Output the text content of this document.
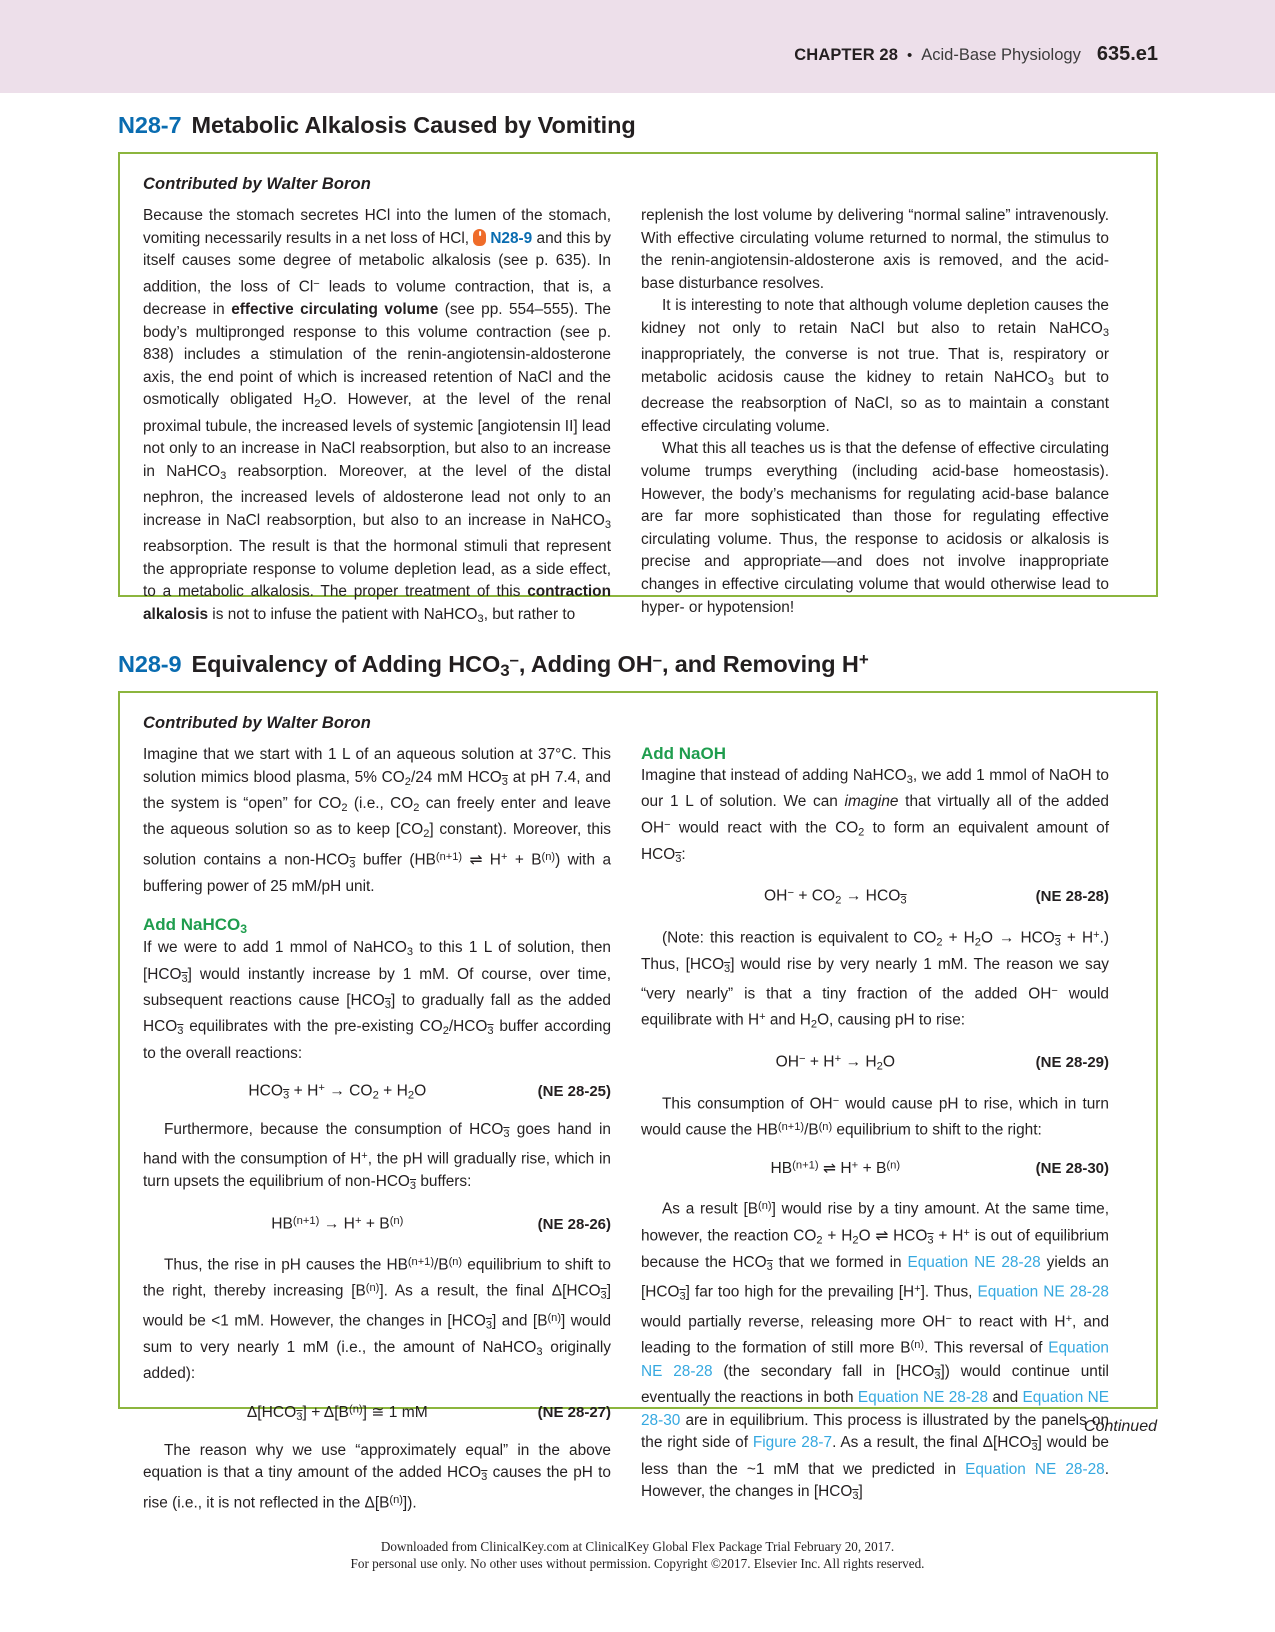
CHAPTER 28 • Acid-Base Physiology 635.e1
N28-7 Metabolic Alkalosis Caused by Vomiting
Contributed by Walter Boron

Because the stomach secretes HCl into the lumen of the stomach, vomiting necessarily results in a net loss of HCl, N28-9 and this by itself causes some degree of metabolic alkalosis (see p. 635). In addition, the loss of Cl− leads to volume contraction, that is, a decrease in effective circulating volume (see pp. 554–555). The body’s multipronged response to this volume contraction (see p. 838) includes a stimulation of the renin-angiotensin-aldosterone axis, the end point of which is increased retention of NaCl and the osmotically obligated $H_2O$. However, at the level of the renal proximal tubule, the increased levels of systemic [angiotensin II] lead not only to an increase in NaCl reabsorption, but also to an increase in NaHCO$_3$ reabsorption. Moreover, at the level of the distal nephron, the increased levels of aldosterone lead not only to an increase in NaCl reabsorption, but also to an increase in NaHCO$_3$ reabsorption. The result is that the hormonal stimuli that represent the appropriate response to volume depletion lead, as a side effect, to a metabolic alkalosis. The proper treatment of this contraction alkalosis is not to infuse the patient with NaHCO$_3$, but rather to

replenish the lost volume by delivering “normal saline” intravenously. With effective circulating volume returned to normal, the stimulus to the renin-angiotensin-aldosterone axis is removed, and the acid-base disturbance resolves.

It is interesting to note that although volume depletion causes the kidney not only to retain NaCl but also to retain NaHCO$_3$ inappropriately, the converse is not true. That is, respiratory or metabolic acidosis cause the kidney to retain NaHCO$_3$ but to decrease the reabsorption of NaCl, so as to maintain a constant effective circulating volume.

What this all teaches us is that the defense of effective circulating volume trumps everything (including acid-base homeostasis). However, the body’s mechanisms for regulating acid-base balance are far more sophisticated than those for regulating effective circulating volume. Thus, the response to acidosis or alkalosis is precise and appropriate—and does not involve inappropriate changes in effective circulating volume that would otherwise lead to hyper- or hypotension!

N28-9 Equivalency of Adding $HCO_3^-$, Adding OH–, and Removing H+
Contributed by Walter Boron

Imagine that we start with 1 L of an aqueous solution at 37°C. This solution mimics blood plasma, 5% $CO_2/24$ mM $HCO_3$ at pH 7.4, and the system is “open” for $CO_2$ (i.e., $CO_2$ can freely enter and leave the aqueous solution so as to keep $[CO_2]$ constant). Moreover, this solution contains a non-$HCO_3$ buffer ($HB^{(n+1)}$ ⇌ $H^+ + B^{(n)}$) with a buffering power of 25 mM/pH unit.

Add NaHCO$_3$

If we were to add 1 mmol of NaHCO$_3$ to this 1 L of solution, then $[HCO_3]$ would instantly increase by 1 mM. Of course, over time, subsequent reactions cause $[HCO_3]$ to gradually fall as the added $HCO_3$ equilibrates with the pre-existing $CO_2/HCO_3$ buffer according to the overall reactions:

$HCO_3 + H^+ \to CO_2 + H_2O$	(NE 28-25)

Furthermore, because the consumption of $HCO_3$ goes hand in hand with the consumption of H+, the pH will gradually rise, which in turn upsets the equilibrium of non-$HCO_3$ buffers:

$HB^{(n+1)} \to H^+ + B^{(n)}$	(NE 28-26)

Thus, the rise in pH causes the $HB^{(n+1)}/B^{(n)}$ equilibrium to shift to the right, thereby increasing $[B^{(n)}]$. As a result, the final $\Delta[HCO_3]$ would be <1 mM. However, the changes in $[HCO_3]$ and $[B^{(n)}]$ would sum to very nearly 1 mM (i.e., the amount of NaHCO$_3$ originally added):

$\Delta[HCO_3] + \Delta[B^{(n)}]$ ≅ 1 mM	(NE 28-27)

The reason why we use “approximately equal” in the above equation is that a tiny amount of the added $HCO_3$ causes the pH to rise (i.e., it is not reflected in the $\Delta[B^{(n)}]$).

Add NaOH

Imagine that instead of adding NaHCO$_3$, we add 1 mmol of NaOH to our 1 L of solution. We can imagine that virtually all of the added OH− would react with the $CO_2$ to form an equivalent amount of $HCO_3$:

$OH^- + CO_2 \to HCO_3$	(NE 28-28)

(Note: this reaction is equivalent to $CO_2 + H_2O \to HCO_3 + H^+$.) Thus, $[HCO_3]$ would rise by very nearly 1 mM. The reason we say “very nearly” is that a tiny fraction of the added OH− would equilibrate with H+ and $H_2O$, causing pH to rise:

$OH^- + H^+ \to H_2O$	(NE 28-29)

This consumption of OH− would cause pH to rise, which in turn would cause the $HB^{(n+1)}/B^{(n)}$ equilibrium to shift to the right:

$HB^{(n+1)}$ ⇌ $H^+ + B^{(n)}$	(NE 28-30)

As a result $[B^{(n)}]$ would rise by a tiny amount. At the same time, however, the reaction $CO_2 + H_2O$ ⇌ $HCO_3 + H^+$ is out of equilibrium because the $HCO_3$ that we formed in Equation NE 28-28 yields an $[HCO_3]$ far too high for the prevailing [H+]. Thus, Equation NE 28-28 would partially reverse, releasing more OH− to react with H+, and leading to the formation of still more $B^{(n)}$. This reversal of Equation NE 28-28 (the secondary fall in $[HCO_3]$) would continue until eventually the reactions in both Equation NE 28-28 and Equation NE 28-30 are in equilibrium. This process is illustrated by the panels on the right side of Figure 28-7. As a result, the final $\Delta[HCO_3]$ would be less than the ~1 mM that we predicted in Equation NE 28-28. However, the changes in $[HCO_3]$

Continued
Downloaded from ClinicalKey.com at ClinicalKey Global Flex Package Trial February 20, 2017.
For personal use only. No other uses without permission. Copyright ©2017. Elsevier Inc. All rights reserved.
